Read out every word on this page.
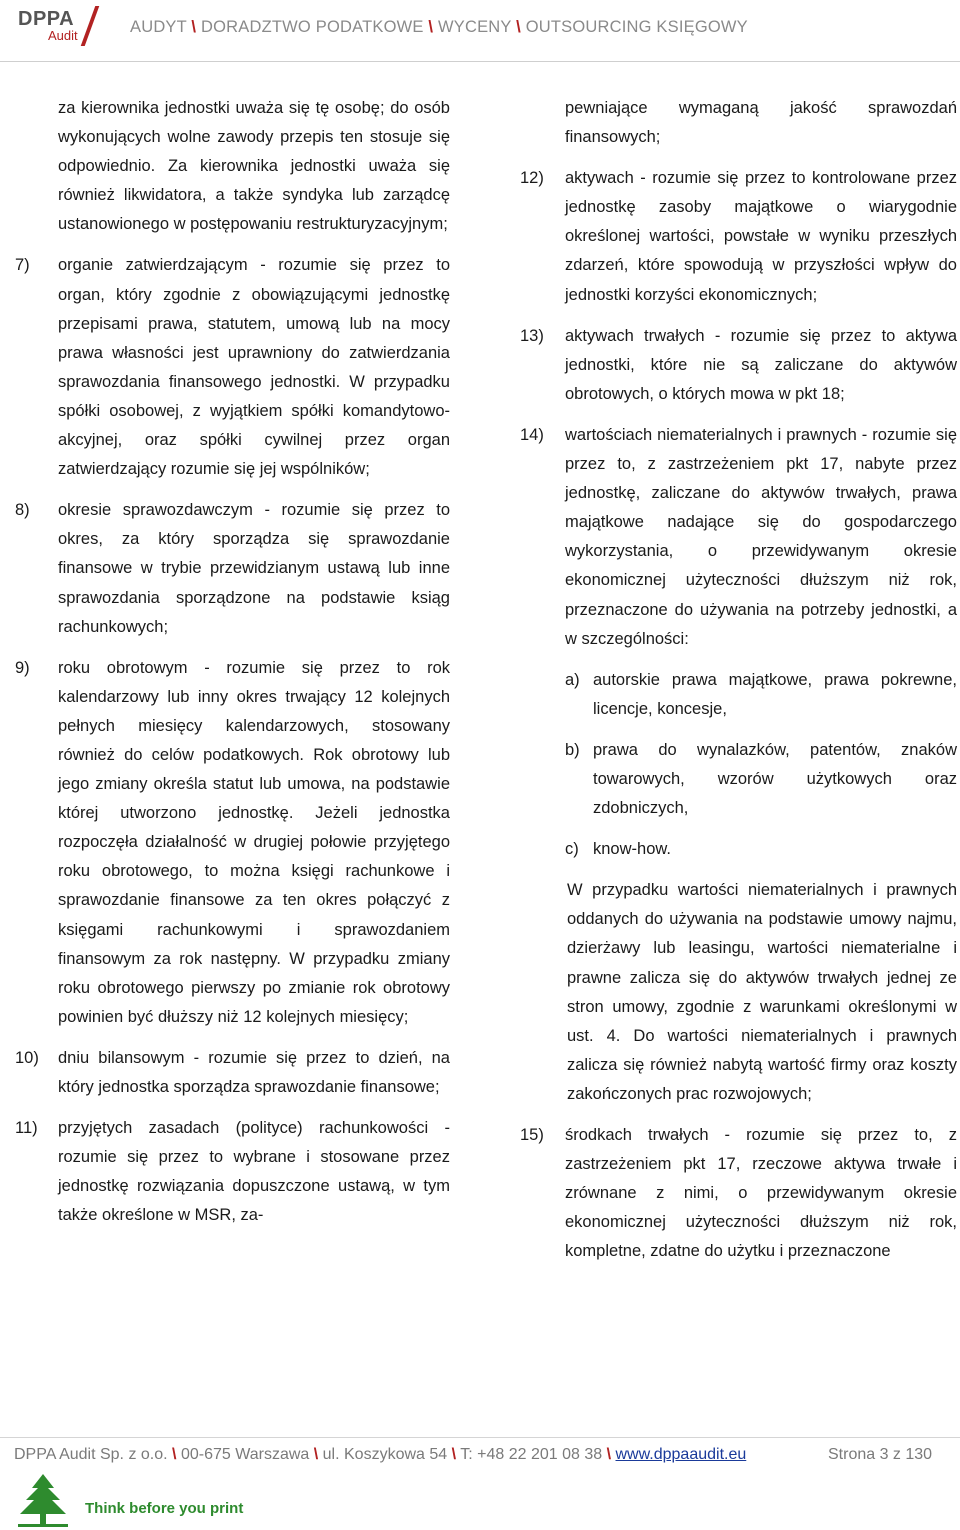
DPPA
Audit	AUDYT \ DORADZTWO PODATKOWE \ WYCENY \ OUTSOURCING KSIĘGOWY

za kierownika jednostki uważa się tę osobę; do osób wykonujących wolne zawody przepis ten stosuje się odpowiednio. Za kierownika jednostki uważa się również likwidatora, a także syndyka lub zarządcę ustanowionego w postępowaniu restrukturyzacyjnym;

7)	organie zatwierdzającym - rozumie się przez to organ, który zgodnie z obowiązującymi jednostkę przepisami prawa, statutem, umową lub na mocy prawa własności jest uprawniony do zatwierdzania sprawozdania finansowego jednostki. W przypadku spółki osobowej, z wyjątkiem spółki komandytowo-akcyjnej, oraz spółki cywilnej przez organ zatwierdzający rozumie się jej wspólników;
8)	okresie sprawozdawczym - rozumie się przez to okres, za który sporządza się sprawozdanie finansowe w trybie przewidzianym ustawą lub inne sprawozdania sporządzone na podstawie ksiąg rachunkowych;
9)	roku obrotowym - rozumie się przez to rok kalendarzowy lub inny okres trwający 12 kolejnych pełnych miesięcy kalendarzowych, stosowany również do celów podatkowych. Rok obrotowy lub jego zmiany określa statut lub umowa, na podstawie której utworzono jednostkę. Jeżeli jednostka rozpoczęła działalność w drugiej połowie przyjętego roku obrotowego, to można księgi rachunkowe i sprawozdanie finansowe za ten okres połączyć z księgami rachunkowymi i sprawozdaniem finansowym za rok następny. W przypadku zmiany roku obrotowego pierwszy po zmianie rok obrotowy powinien być dłuższy niż 12 kolejnych miesięcy;
10)	dniu bilansowym - rozumie się przez to dzień, na który jednostka sporządza sprawozdanie finansowe;
11)	przyjętych zasadach (polityce) rachunkowości - rozumie się przez to wybrane i stosowane przez jednostkę rozwiązania dopuszczone ustawą, w tym także określone w MSR, za-

pewniające wymaganą jakość sprawozdań finansowych;

12)	aktywach - rozumie się przez to kontrolowane przez jednostkę zasoby majątkowe o wiarygodnie określonej wartości, powstałe w wyniku przeszłych zdarzeń, które spowodują w przyszłości wpływ do jednostki korzyści ekonomicznych;
13)	aktywach trwałych - rozumie się przez to aktywa jednostki, które nie są zaliczane do aktywów obrotowych, o których mowa w pkt 18;
14)	wartościach niematerialnych i prawnych - rozumie się przez to, z zastrzeżeniem pkt 17, nabyte przez jednostkę, zaliczane do aktywów trwałych, prawa majątkowe nadające się do gospodarczego wykorzystania, o przewidywanym okresie ekonomicznej użyteczności dłuższym niż rok, przeznaczone do używania na potrzeby jednostki, a w szczególności:
a) autorskie prawa majątkowe, prawa pokrewne, licencje, koncesje,
b) prawa do wynalazków, patentów, znaków towarowych, wzorów użytkowych oraz zdobniczych,
c) know-how.

W przypadku wartości niematerialnych i prawnych oddanych do używania na podstawie umowy najmu, dzierżawy lub leasingu, wartości niematerialne i prawne zalicza się do aktywów trwałych jednej ze stron umowy, zgodnie z warunkami określonymi w ust. 4. Do wartości niematerialnych i prawnych zalicza się również nabytą wartość firmy oraz koszty zakończonych prac rozwojowych;

15)	środkach trwałych - rozumie się przez to, z zastrzeżeniem pkt 17, rzeczowe aktywa trwałe i zrównane z nimi, o przewidywanym okresie ekonomicznej użyteczności dłuższym niż rok, kompletne, zdatne do użytku i przeznaczone
DPPA Audit Sp. z o.o. \ 00-675 Warszawa \ ul. Koszykowa 54 \ T: +48 22 201 08 38 \ www.dppaaudit.eu	Strona 3 z 130
Think before you print
